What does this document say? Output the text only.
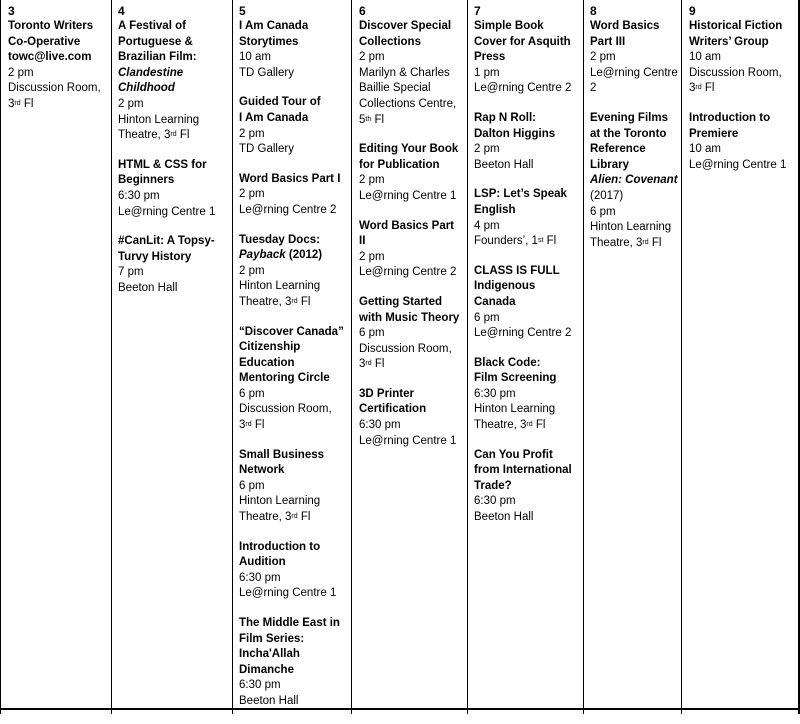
3
Toronto Writers
Co-Operative
towc@live.com
2 pm
Discussion Room,
3rd Fl
4
A Festival of
Portuguese &
Brazilian Film:
Clandestine
Childhood
2 pm
Hinton Learning
Theatre, 3rd Fl
HTML & CSS for
Beginners
6:30 pm
Le@rning Centre 1
#CanLit: A Topsy-
Turvy History
7 pm
Beeton Hall
5
I Am Canada
Storytimes
10 am
TD Gallery
Guided Tour of
I Am Canada
2 pm
TD Gallery
Word Basics Part I
2 pm
Le@rning Centre 2
Tuesday Docs:
Payback (2012)
2 pm
Hinton Learning
Theatre, 3rd Fl
“Discover Canada”
Citizenship
Education
Mentoring Circle
6 pm
Discussion Room,
3rd Fl
Small Business
Network
6 pm
Hinton Learning
Theatre, 3rd Fl
Introduction to
Audition
6:30 pm
Le@rning Centre 1
The Middle East in
Film Series:
Incha'Allah
Dimanche
6:30 pm
Beeton Hall
6
Discover Special
Collections
2 pm
Marilyn & Charles
Baillie Special
Collections Centre,
5th Fl
Editing Your Book
for Publication
2 pm
Le@rning Centre 1
Word Basics Part
II
2 pm
Le@rning Centre 2
Getting Started
with Music Theory
6 pm
Discussion Room,
3rd Fl
3D Printer
Certification
6:30 pm
Le@rning Centre 1
7
Simple Book
Cover for Asquith
Press
1 pm
Le@rning Centre 2
Rap N Roll:
Dalton Higgins
2 pm
Beeton Hall
LSP: Let’s Speak
English
4 pm
Founders’, 1st Fl
CLASS IS FULL
Indigenous
Canada
6 pm
Le@rning Centre 2
Black Code:
Film Screening
6:30 pm
Hinton Learning
Theatre, 3rd Fl
Can You Profit
from International
Trade?
6:30 pm
Beeton Hall
8
Word Basics
Part III
2 pm
Le@rning Centre
2
Evening Films
at the Toronto
Reference
Library
Alien: Covenant
(2017)
6 pm
Hinton Learning
Theatre, 3rd Fl
9
Historical Fiction
Writers’ Group
10 am
Discussion Room,
3rd Fl
Introduction to
Premiere
10 am
Le@rning Centre 1
